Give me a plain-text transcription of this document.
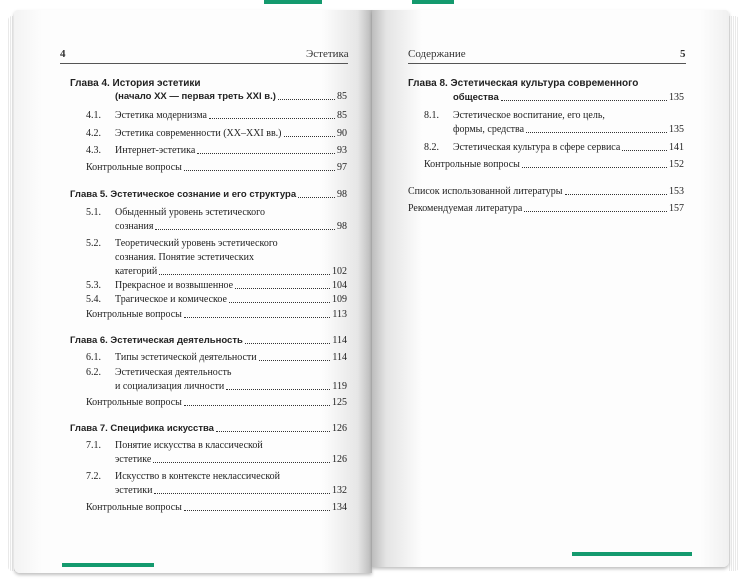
4	Эстетика
Глава 4. История эстетики
(начало XX — первая треть XXI в.)	85
4.1. Эстетика модернизма	85
4.2. Эстетика современности (XX–XXI вв.)	90
4.3. Интернет-эстетика	93
Контрольные вопросы	97
Глава 5. Эстетическое сознание и его структура	98
5.1. Обыденный уровень эстетического
сознания	98
5.2. Теоретический уровень эстетического
сознания. Понятие эстетических
категорий	102
5.3. Прекрасное и возвышенное	104
5.4. Трагическое и комическое	109
Контрольные вопросы	113
Глава 6. Эстетическая деятельность	114
6.1. Типы эстетической деятельности	114
6.2. Эстетическая деятельность
и социализация личности	119
Контрольные вопросы	125
Глава 7. Специфика искусства	126
7.1. Понятие искусства в классической
эстетике	126
7.2. Искусство в контексте неклассической
эстетики	132
Контрольные вопросы	134
Содержание	5
Глава 8. Эстетическая культура современного
общества	135
8.1. Эстетическое воспитание, его цель,
формы, средства	135
8.2. Эстетическая культура в сфере сервиса	141
Контрольные вопросы	152
Список использованной литературы	153
Рекомендуемая литература	157
